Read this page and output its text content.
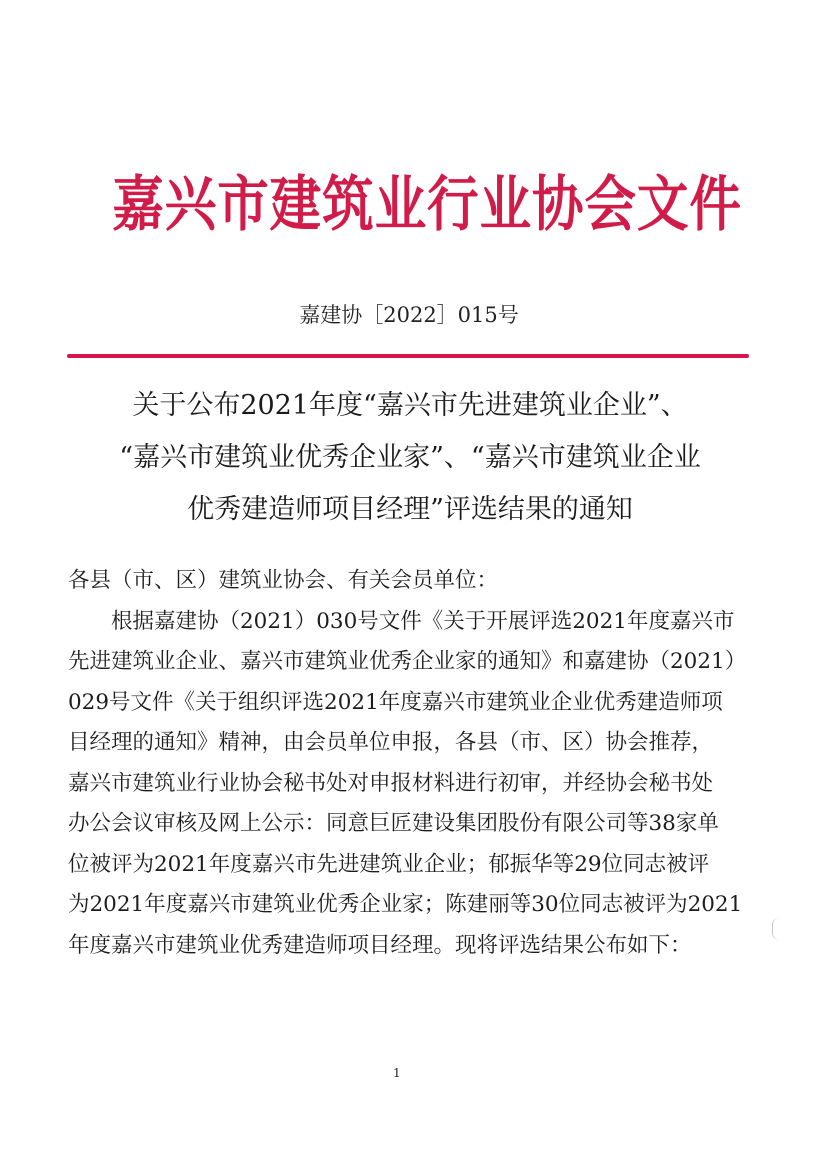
嘉兴市建筑业行业协会文件
嘉建协［2022］015号
关于公布2021年度“嘉兴市先进建筑业企业”、
“嘉兴市建筑业优秀企业家”、“嘉兴市建筑业企业
优秀建造师项目经理”评选结果的通知
各县（市、区）建筑业协会、有关会员单位：
根据嘉建协（2021）030号文件《关于开展评选2021年度嘉兴市
先进建筑业企业、嘉兴市建筑业优秀企业家的通知》和嘉建协（2021）
029号文件《关于组织评选2021年度嘉兴市建筑业企业优秀建造师项
目经理的通知》精神，由会员单位申报，各县（市、区）协会推荐，
嘉兴市建筑业行业协会秘书处对申报材料进行初审，并经协会秘书处
办公会议审核及网上公示：同意巨匠建设集团股份有限公司等38家单
位被评为2021年度嘉兴市先进建筑业企业；郁振华等29位同志被评
为2021年度嘉兴市建筑业优秀企业家；陈建丽等30位同志被评为2021
年度嘉兴市建筑业优秀建造师项目经理。现将评选结果公布如下：
1
